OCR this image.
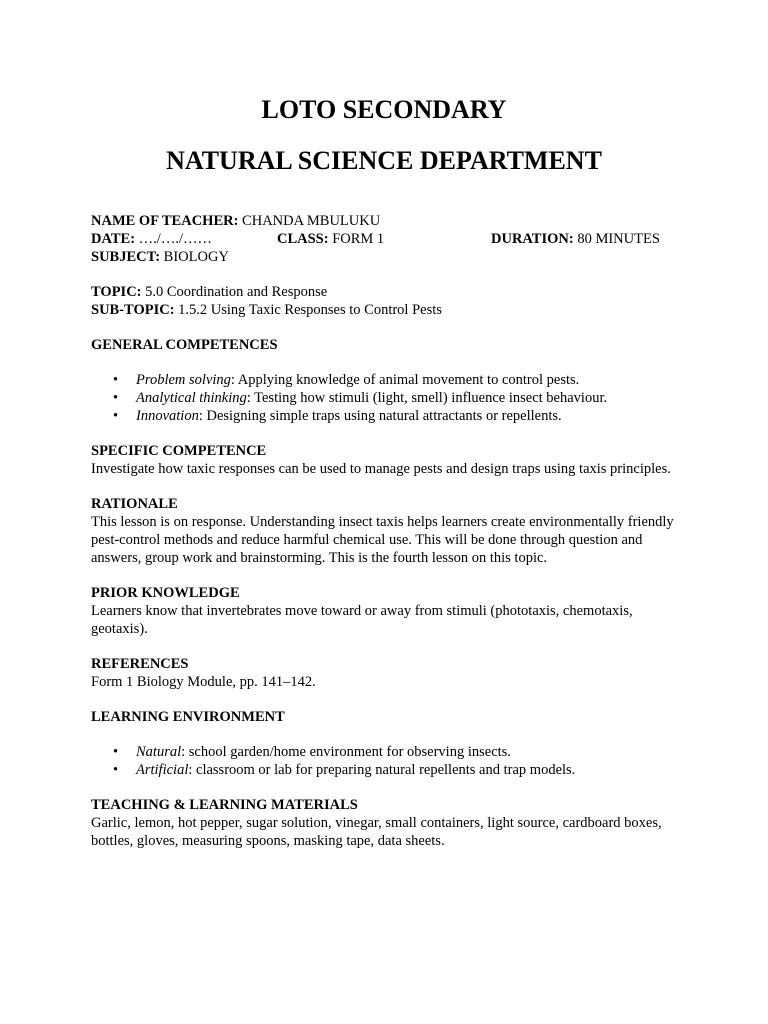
LOTO SECONDARY
NATURAL SCIENCE DEPARTMENT
NAME OF TEACHER: CHANDA MBULUKU
DATE: …./…./……	CLASS: FORM 1	DURATION: 80 MINUTES
SUBJECT: BIOLOGY
TOPIC: 5.0 Coordination and Response
SUB-TOPIC: 1.5.2 Using Taxic Responses to Control Pests
GENERAL COMPETENCES
• Problem solving: Applying knowledge of animal movement to control pests.
• Analytical thinking: Testing how stimuli (light, smell) influence insect behaviour.
• Innovation: Designing simple traps using natural attractants or repellents.
SPECIFIC COMPETENCE

Investigate how taxic responses can be used to manage pests and design traps using taxis principles.

RATIONALE

This lesson is on response. Understanding insect taxis helps learners create environmentally friendly pest-control methods and reduce harmful chemical use. This will be done through question and answers, group work and brainstorming. This is the fourth lesson on this topic.

PRIOR KNOWLEDGE

Learners know that invertebrates move toward or away from stimuli (phototaxis, chemotaxis, geotaxis).

REFERENCES

Form 1 Biology Module, pp. 141–142.

LEARNING ENVIRONMENT
• Natural: school garden/home environment for observing insects.
• Artificial: classroom or lab for preparing natural repellents and trap models.
TEACHING & LEARNING MATERIALS

Garlic, lemon, hot pepper, sugar solution, vinegar, small containers, light source, cardboard boxes, bottles, gloves, measuring spoons, masking tape, data sheets.
